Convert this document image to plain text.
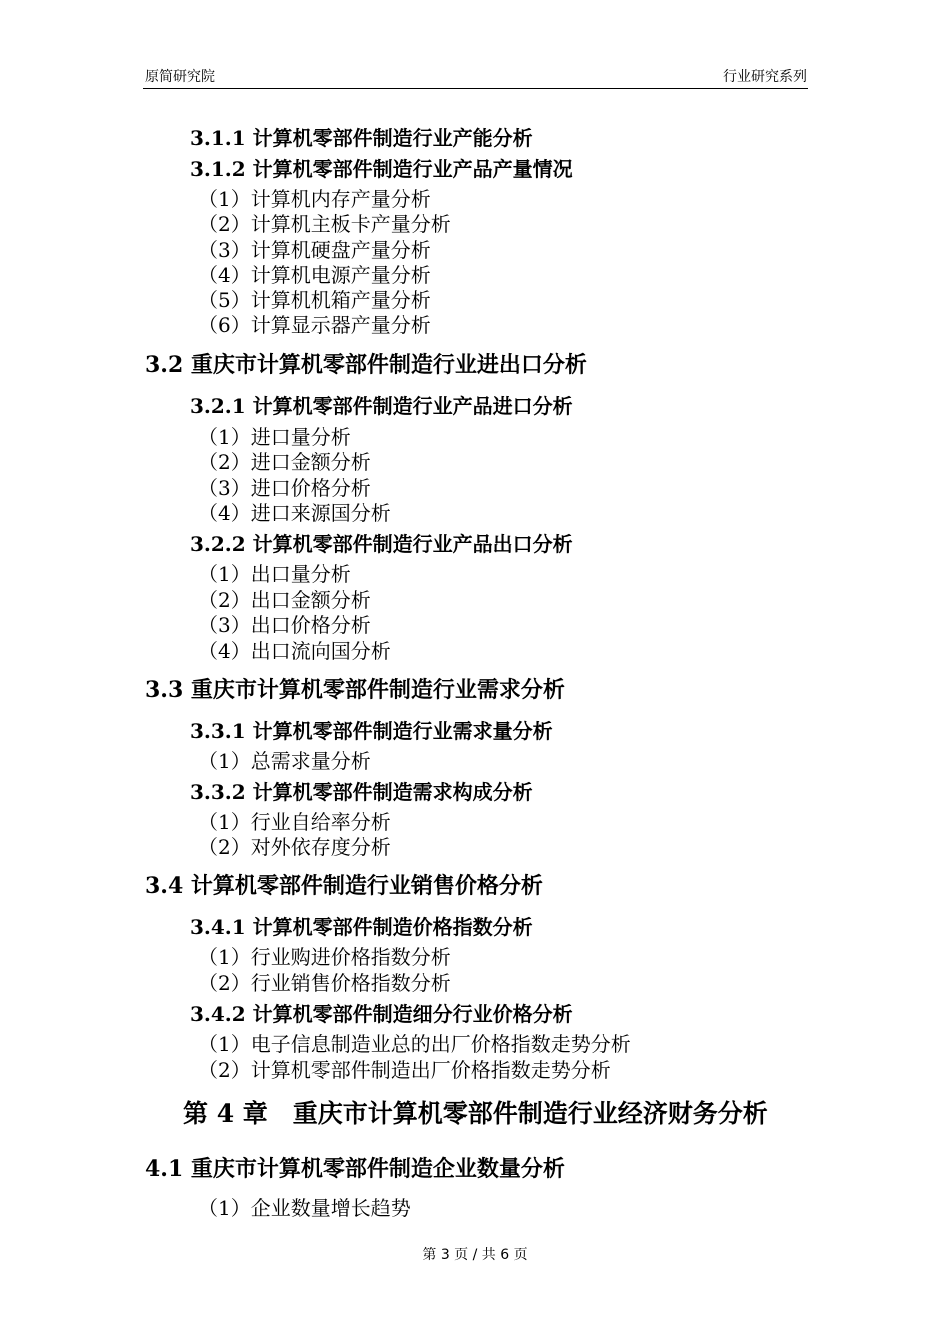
原简研究院	行业研究系列
3.1.1 计算机零部件制造行业产能分析
3.1.2 计算机零部件制造行业产品产量情况
（1）计算机内存产量分析
（2）计算机主板卡产量分析
（3）计算机硬盘产量分析
（4）计算机电源产量分析
（5）计算机机箱产量分析
（6）计算显示器产量分析
3.2 重庆市计算机零部件制造行业进出口分析
3.2.1 计算机零部件制造行业产品进口分析
（1）进口量分析
（2）进口金额分析
（3）进口价格分析
（4）进口来源国分析
3.2.2 计算机零部件制造行业产品出口分析
（1）出口量分析
（2）出口金额分析
（3）出口价格分析
（4）出口流向国分析
3.3 重庆市计算机零部件制造行业需求分析
3.3.1 计算机零部件制造行业需求量分析
（1）总需求量分析
3.3.2 计算机零部件制造需求构成分析
（1）行业自给率分析
（2）对外依存度分析
3.4 计算机零部件制造行业销售价格分析
3.4.1 计算机零部件制造价格指数分析
（1）行业购进价格指数分析
（2）行业销售价格指数分析
3.4.2 计算机零部件制造细分行业价格分析
（1）电子信息制造业总的出厂价格指数走势分析
（2）计算机零部件制造出厂价格指数走势分析
第 4 章　重庆市计算机零部件制造行业经济财务分析
4.1 重庆市计算机零部件制造企业数量分析
（1）企业数量增长趋势
第 3 页 / 共 6 页
